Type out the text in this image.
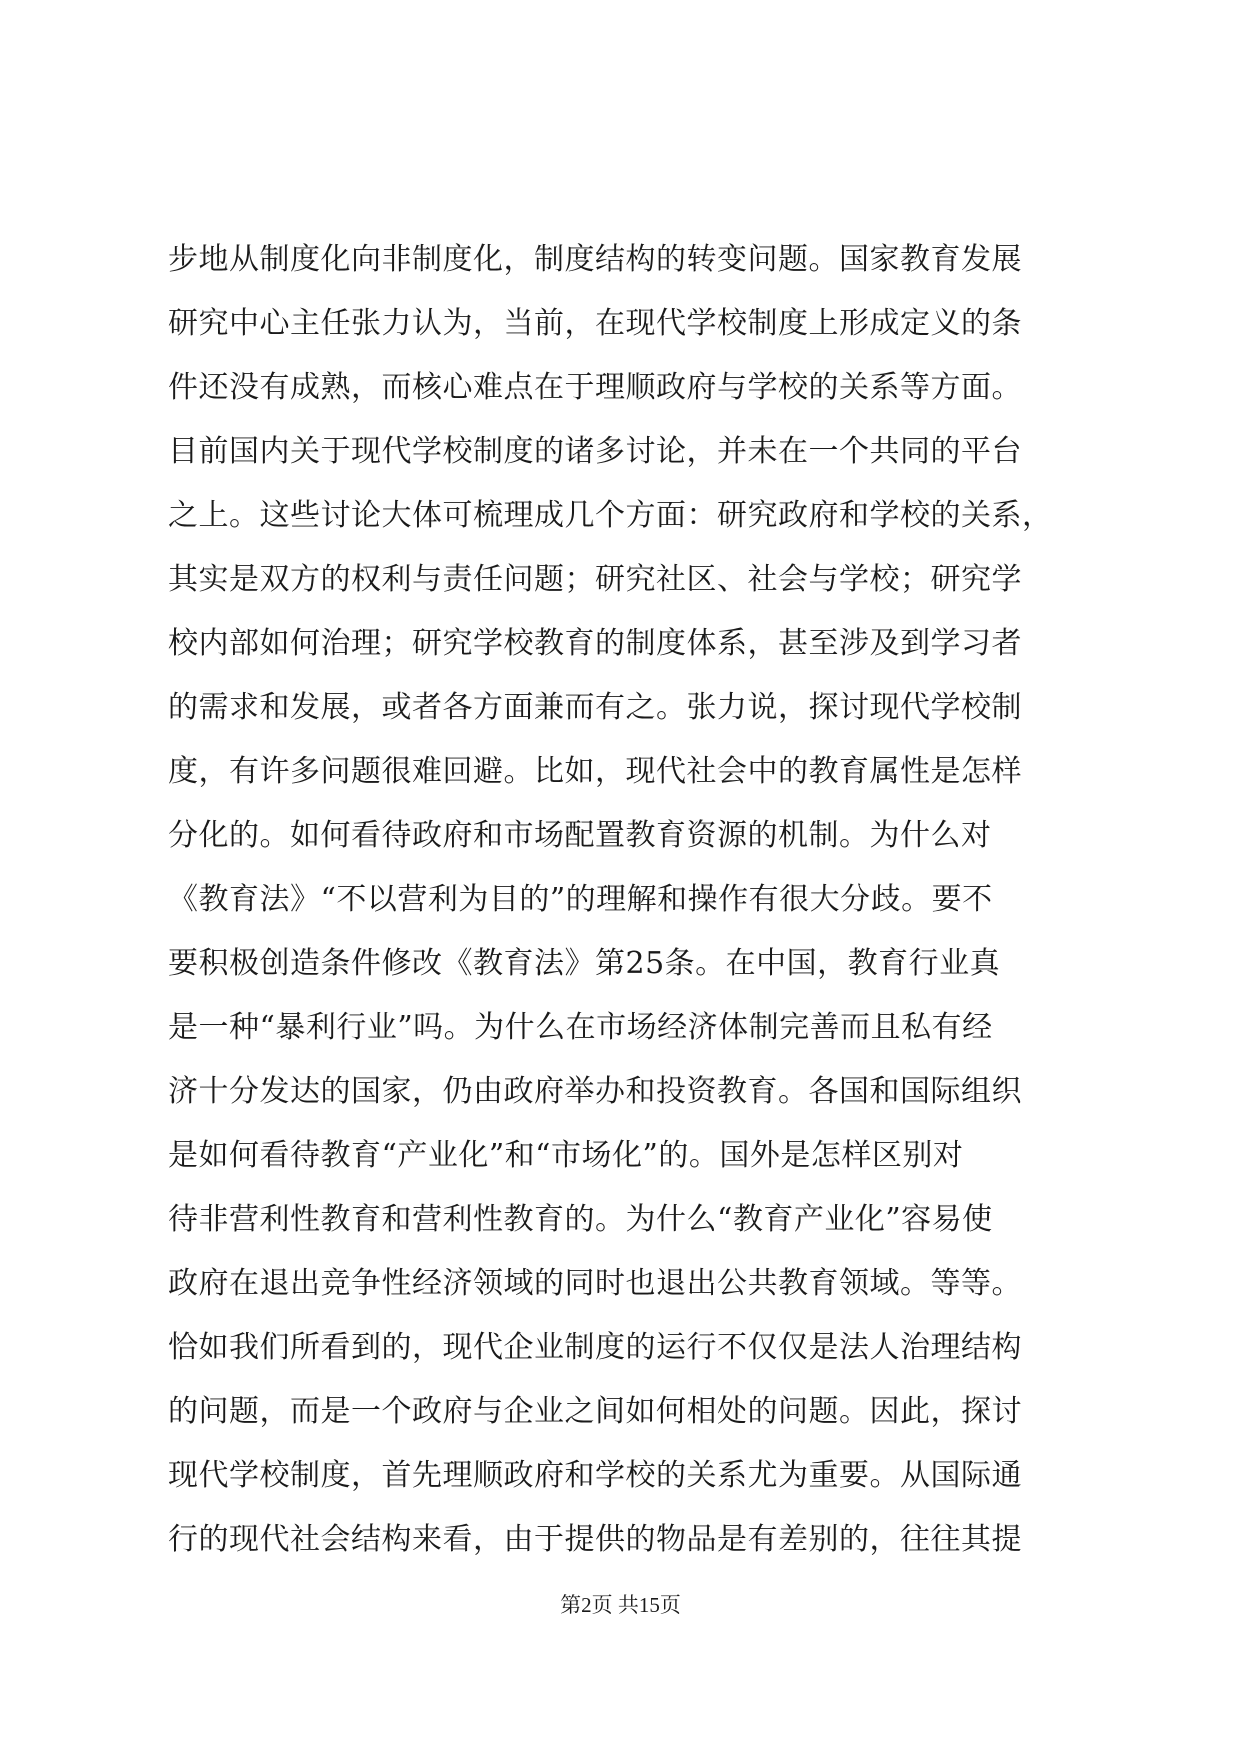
步地从制度化向非制度化，制度结构的转变问题。国家教育发展
研究中心主任张力认为，当前，在现代学校制度上形成定义的条
件还没有成熟，而核心难点在于理顺政府与学校的关系等方面。
目前国内关于现代学校制度的诸多讨论，并未在一个共同的平台
之上。这些讨论大体可梳理成几个方面：研究政府和学校的关系，
其实是双方的权利与责任问题；研究社区、社会与学校；研究学
校内部如何治理；研究学校教育的制度体系，甚至涉及到学习者
的需求和发展，或者各方面兼而有之。张力说，探讨现代学校制
度，有许多问题很难回避。比如，现代社会中的教育属性是怎样
分化的。如何看待政府和市场配置教育资源的机制。为什么对
《教育法》“不以营利为目的”的理解和操作有很大分歧。要不
要积极创造条件修改《教育法》第25条。在中国，教育行业真
是一种“暴利行业”吗。为什么在市场经济体制完善而且私有经
济十分发达的国家，仍由政府举办和投资教育。各国和国际组织
是如何看待教育“产业化”和“市场化”的。国外是怎样区别对
待非营利性教育和营利性教育的。为什么“教育产业化”容易使
政府在退出竞争性经济领域的同时也退出公共教育领域。等等。
恰如我们所看到的，现代企业制度的运行不仅仅是法人治理结构
的问题，而是一个政府与企业之间如何相处的问题。因此，探讨
现代学校制度，首先理顺政府和学校的关系尤为重要。从国际通
行的现代社会结构来看，由于提供的物品是有差别的，往往其提
第2页 共15页
